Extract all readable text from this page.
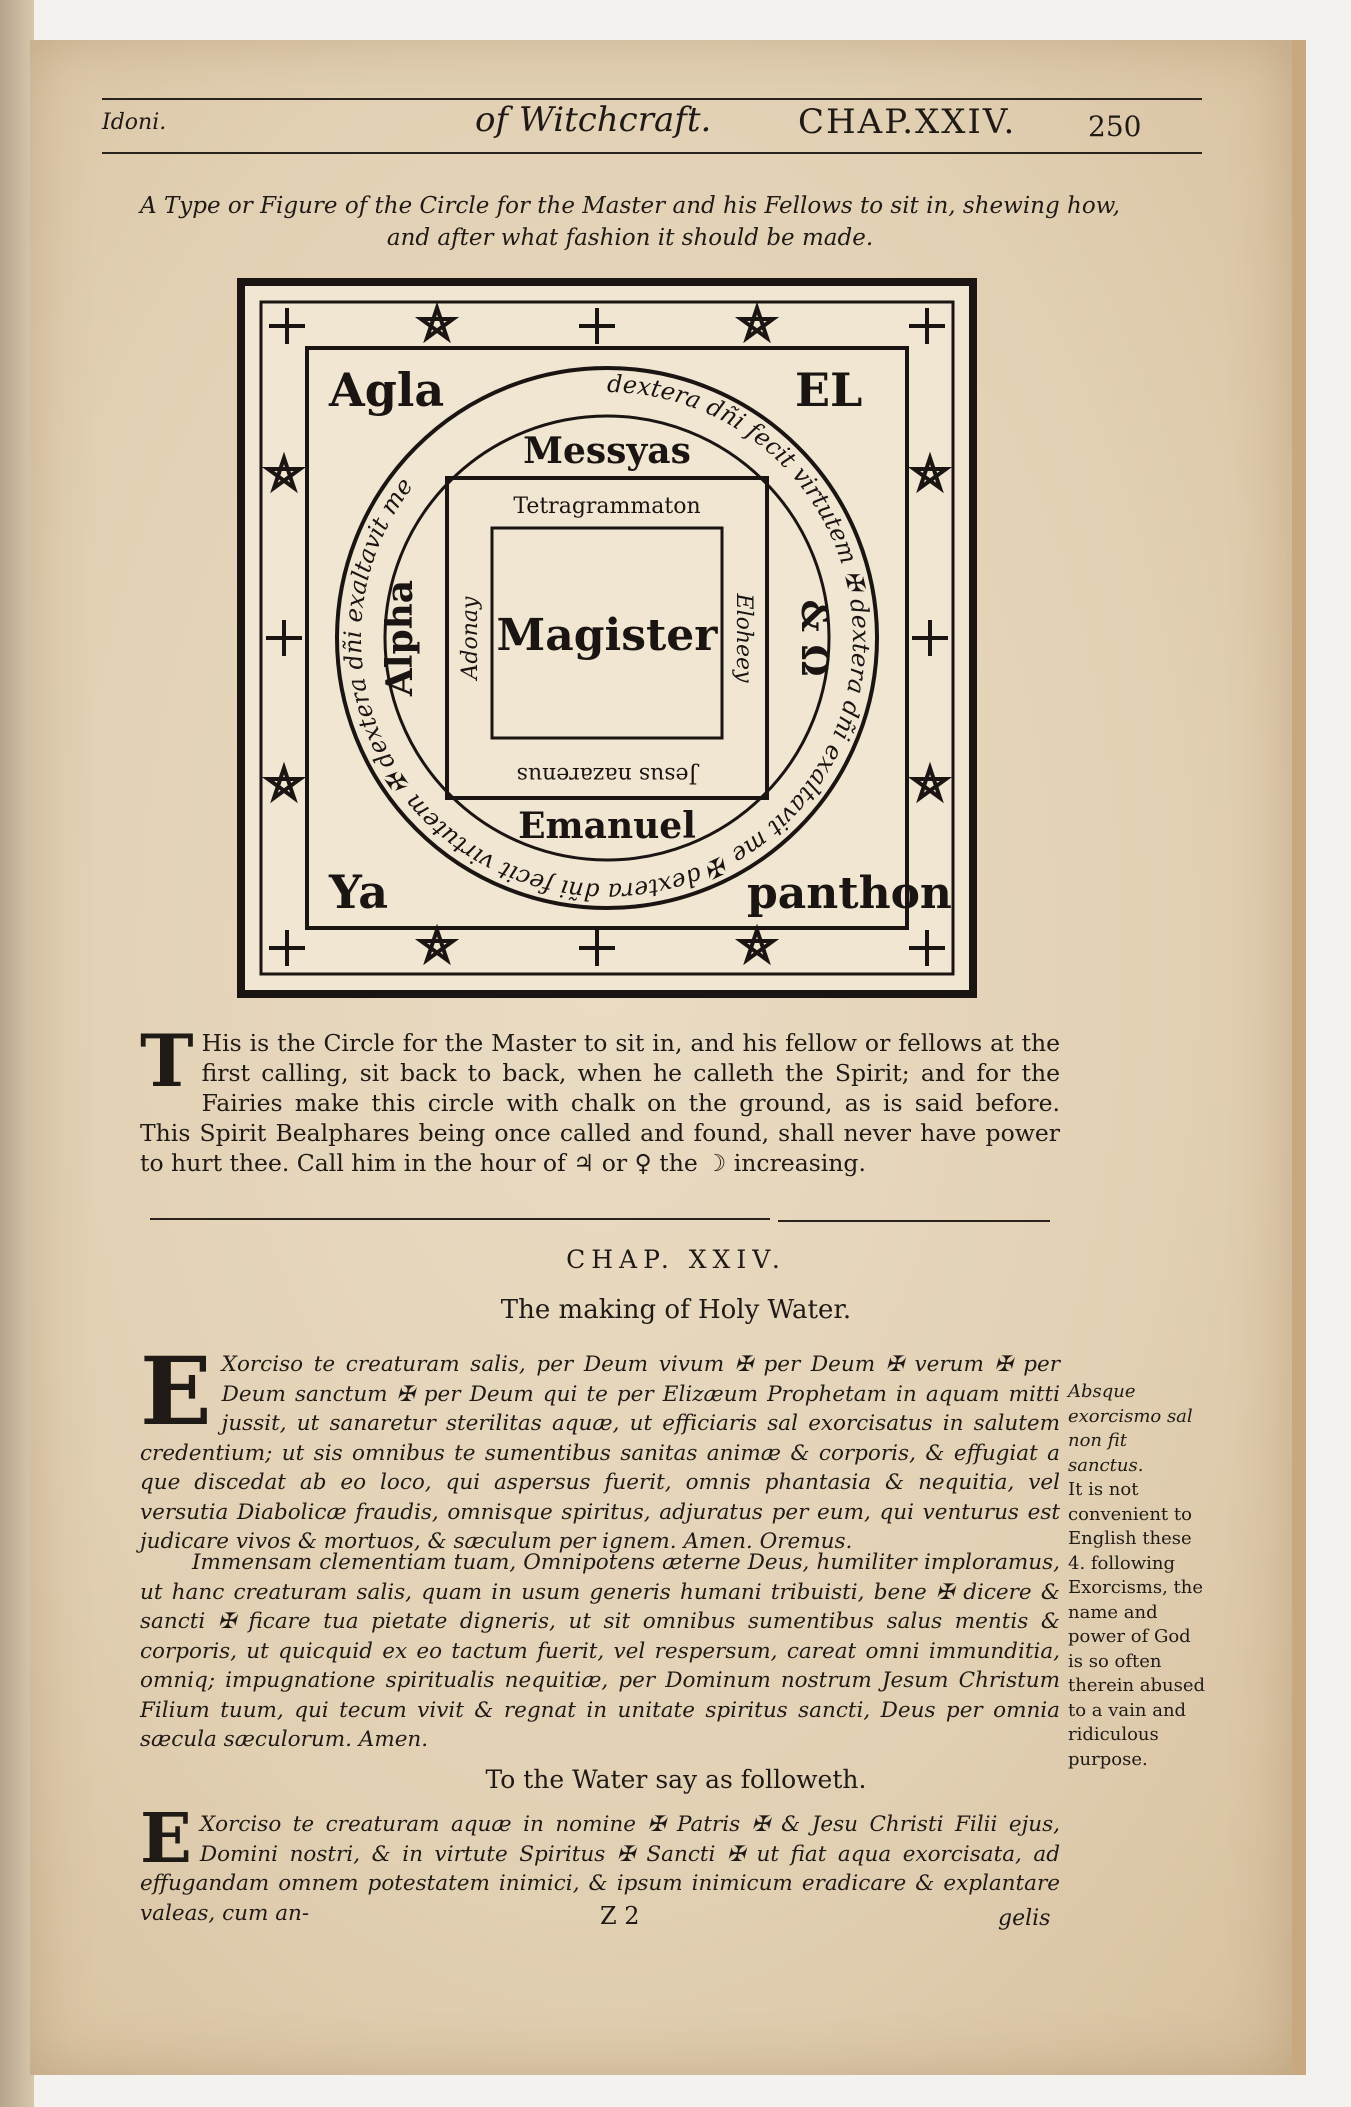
Idoni.	of Witchcraft.	CHAP.XXIV.	250
A Type or Figure of the Circle for the Master and his Fellows to sit in, shewing how, and after what fashion it should be made.
Agla	EL
Ya	panthon
dextera dñi fecit virtutem ✠ dextera dñi exaltavit me ✠ dextera dñi fecit virtutem ✠ dextera dñi exaltavit me
Messyas
Emanuel
Alpha	& Ω
Tetragrammaton
Jesus nazarenus
Adonay	Eloheey
Magister
T His is the Circle for the Master to sit in, and his fellow or fellows at the first calling, sit back to back, when he calleth the Spirit; and for the Fairies make this circle with chalk on the ground, as is said before. This Spirit Bealphares being once called and found, shall never have power to hurt thee. Call him in the hour of ♃ or ♀ the ☽ increasing.
CHAP. XXIV.
The making of Holy Water.
E Xorciso te creaturam salis, per Deum vivum ✠ per Deum ✠ verum ✠ per Deum sanctum ✠ per Deum qui te per Elizæum Prophetam in aquam mitti jussit, ut sanaretur sterilitas aquæ, ut efficiaris sal exorcisatus in salutem credentium; ut sis omnibus te sumentibus sanitas animæ & corporis, & effugiat a que discedat ab eo loco, qui aspersus fuerit, omnis phantasia & nequitia, vel versutia Diabolicæ fraudis, omnisque spiritus, adjuratus per eum, qui venturus est judicare vivos & mortuos, & sæculum per ignem. Amen. Oremus.
Immensam clementiam tuam, Omnipotens æterne Deus, humiliter imploramus, ut hanc creaturam salis, quam in usum generis humani tribuisti, bene ✠ dicere & sancti ✠ ficare tua pietate digneris, ut sit omnibus sumentibus salus mentis & corporis, ut quicquid ex eo tactum fuerit, vel respersum, careat omni immunditia, omniq; impugnatione spiritualis nequitiæ, per Dominum nostrum Jesum Christum Filium tuum, qui tecum vivit & regnat in unitate spiritus sancti, Deus per omnia sæcula sæculorum. Amen.
Absque exorcismo sal non fit sanctus.
It is not convenient to English these 4. following Exorcisms, the name and power of God is so often therein abused to a vain and ridiculous purpose.
To the Water say as followeth.
E Xorciso te creaturam aquæ in nomine ✠ Patris ✠ & Jesu Christi Filii ejus, Domini nostri, & in virtute Spiritus ✠ Sancti ✠ ut fiat aqua exorcisata, ad effugandam omnem potestatem inimici, & ipsum inimicum eradicare & explantare valeas, cum an-	Z 2	gelis
